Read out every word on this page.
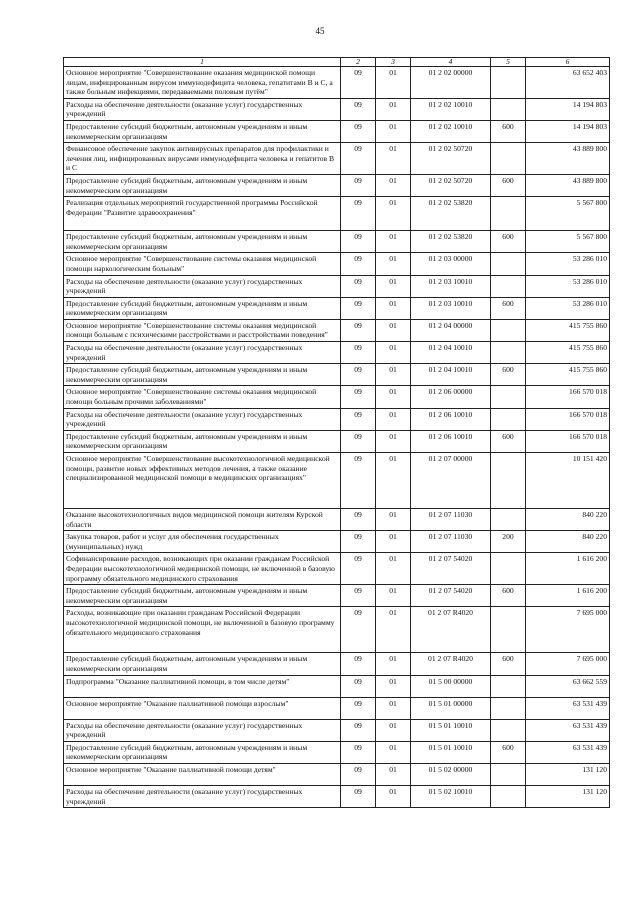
45
1	2	3	4	5	6
Основное мероприятие "Совершенствование оказания медицинской помощи лицам, инфицированным вирусом иммунодефицита человека, гепатитами В и С, а также больным инфекциями, передаваемыми половым путём"	09	01	01 2 02 00000		63 652 403
Расходы на обеспечение деятельности (оказание услуг) государственных учреждений	09	01	01 2 02 10010		14 194 803
Предоставление субсидий бюджетным, автономным учреждениям и иным некоммерческим организациям	09	01	01 2 02 10010	600	14 194 803
Финансовое обеспечение закупок антивирусных препаратов для профилактики и лечения лиц, инфицированных вирусами иммунодефицита человека и гепатитов В и С	09	01	01 2 02 50720		43 889 800
Предоставление субсидий бюджетным, автономным учреждениям и иным некоммерческим организациям	09	01	01 2 02 50720	600	43 889 800
Реализация отдельных мероприятий государственной программы Российской Федерации "Развитие здравоохранения"	09	01	01 2 02 53820		5 567 800
Предоставление субсидий бюджетным, автономным учреждениям и иным некоммерческим организациям	09	01	01 2 02 53820	600	5 567 800
Основное мероприятие "Совершенствование системы оказания медицинской помощи наркологическим больным"	09	01	01 2 03 00000		53 286 010
Расходы на обеспечение деятельности (оказание услуг) государственных учреждений	09	01	01 2 03 10010		53 286 010
Предоставление субсидий бюджетным, автономным учреждениям и иным некоммерческим организациям	09	01	01 2 03 10010	600	53 286 010
Основное мероприятие "Совершенствование системы оказания медицинской помощи больным с психическими расстройствами и расстройствами поведения"	09	01	01 2 04 00000		415 755 860
Расходы на обеспечение деятельности (оказание услуг) государственных учреждений	09	01	01 2 04 10010		415 755 860
Предоставление субсидий бюджетным, автономным учреждениям и иным некоммерческим организациям	09	01	01 2 04 10010	600	415 755 860
Основное мероприятие "Совершенствование системы оказания медицинской помощи больным прочими заболеваниями"	09	01	01 2 06 00000		166 570 018
Расходы на обеспечение деятельности (оказание услуг) государственных учреждений	09	01	01 2 06 10010		166 570 018
Предоставление субсидий бюджетным, автономным учреждениям и иным некоммерческим организациям	09	01	01 2 06 10010	600	166 570 018
Основное мероприятие "Совершенствование высокотехнологичной медицинской помощи, развитие новых эффективных методов лечения, а также оказание специализированной медицинской помощи в медицинских организациях"	09	01	01 2 07 00000		10 151 420
Оказание высокотехнологичных видов медицинской помощи жителям Курской области	09	01	01 2 07 11030		840 220
Закупка товаров, работ и услуг для обеспечения государственных (муниципальных) нужд	09	01	01 2 07 11030	200	840 220
Софинансирование расходов, возникающих при оказании гражданам Российской Федерации высокотехнологичной медицинской помощи, не включенной в базовую программу обязательного медицинского страхования	09	01	01 2 07 54020		1 616 200
Предоставление субсидий бюджетным, автономным учреждениям и иным некоммерческим организациям	09	01	01 2 07 54020	600	1 616 200
Расходы, возникающие при оказании гражданам Российской Федерации высокотехнологичной медицинской помощи, не включенной в базовую программу обязательного медицинского страхования	09	01	01 2 07 R4020		7 695 000
Предоставление субсидий бюджетным, автономным учреждениям и иным некоммерческим организациям	09	01	01 2 07 R4020	600	7 695 000
Подпрограмма "Оказание паллиативной помощи, в том числе детям"	09	01	01 5 00 00000		63 662 559
Основное мероприятие "Оказание паллиативной помощи взрослым"	09	01	01 5 01 00000		63 531 439
Расходы на обеспечение деятельности (оказание услуг) государственных учреждений	09	01	01 5 01 10010		63 531 439
Предоставление субсидий бюджетным, автономным учреждениям и иным некоммерческим организациям	09	01	01 5 01 10010	600	63 531 439
Основное мероприятие "Оказание паллиативной помощи детям"	09	01	01 5 02 00000		131 120
Расходы на обеспечение деятельности (оказание услуг) государственных учреждений	09	01	01 5 02 10010		131 120
